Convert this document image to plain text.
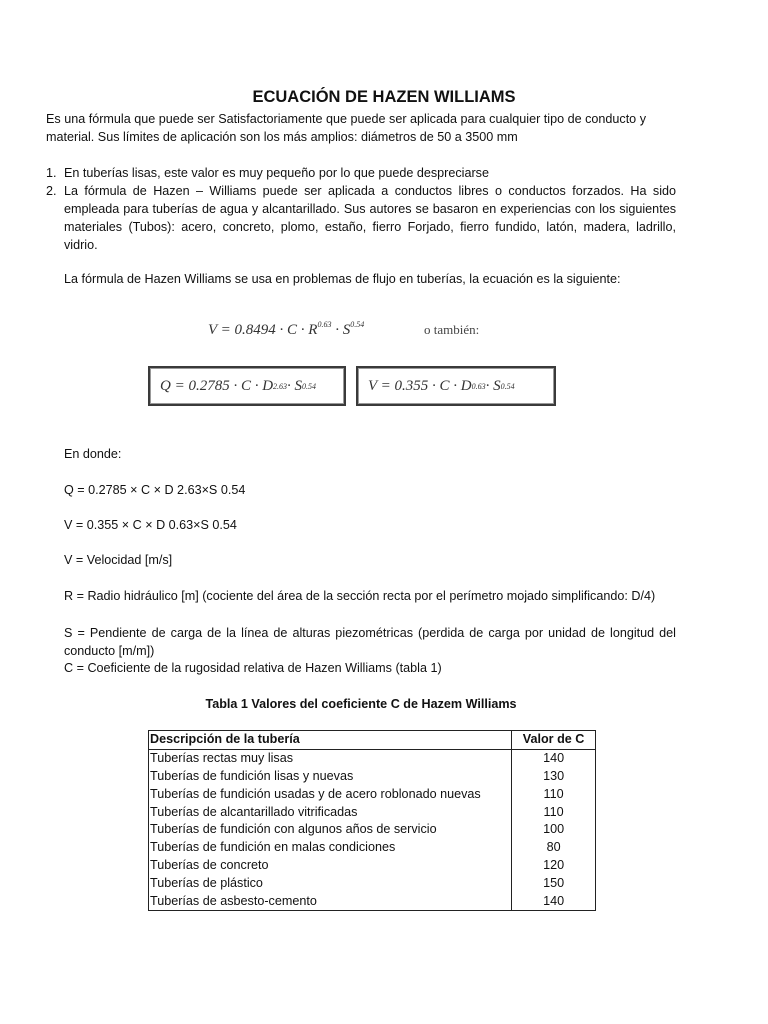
ECUACIÓN DE HAZEN WILLIAMS
Es una fórmula que puede ser Satisfactoriamente que puede ser aplicada para cualquier tipo de conducto y material. Sus límites de aplicación son los más amplios: diámetros de 50 a 3500 mm
1. En tuberías lisas, este valor es muy pequeño por lo que puede despreciarse
2. La fórmula de Hazen – Williams puede ser aplicada a conductos libres o conductos forzados. Ha sido empleada para tuberías de agua y alcantarillado. Sus autores se basaron en experiencias con los siguientes materiales (Tubos): acero, concreto, plomo, estaño, fierro Forjado, fierro fundido, latón, madera, ladrillo, vidrio.
La fórmula de Hazen Williams se usa en problemas de flujo en tuberías, la ecuación es la siguiente:
$V = 0.8494 \cdot C \cdot R^{0.63} \cdot S^{0.54}$	o también:
Q = 0.2785 · C · D 2.63 · S 0.54	V = 0.355 · C · D 0.63 · S 0.54
En donde:
Q = 0.2785 × C × D 2.63×S 0.54
V = 0.355 × C × D 0.63×S 0.54
V = Velocidad [m/s]
R = Radio hidráulico [m] (cociente del área de la sección recta por el perímetro mojado simplificando: D/4)
S = Pendiente de carga de la línea de alturas piezométricas (perdida de carga por unidad de longitud del conducto [m/m])
C = Coeficiente de la rugosidad relativa de Hazen Williams (tabla 1)
Tabla 1 Valores del coeficiente C de Hazem Williams
Descripción de la tubería	Valor de C
Tuberías rectas muy lisas	140
Tuberías de fundición lisas y nuevas	130
Tuberías de fundición usadas y de acero roblonado nuevas	110
Tuberías de alcantarillado vitrificadas	110
Tuberías de fundición con algunos años de servicio	100
Tuberías de fundición en malas condiciones	80
Tuberías de concreto	120
Tuberías de plástico	150
Tuberías de asbesto-cemento	140
